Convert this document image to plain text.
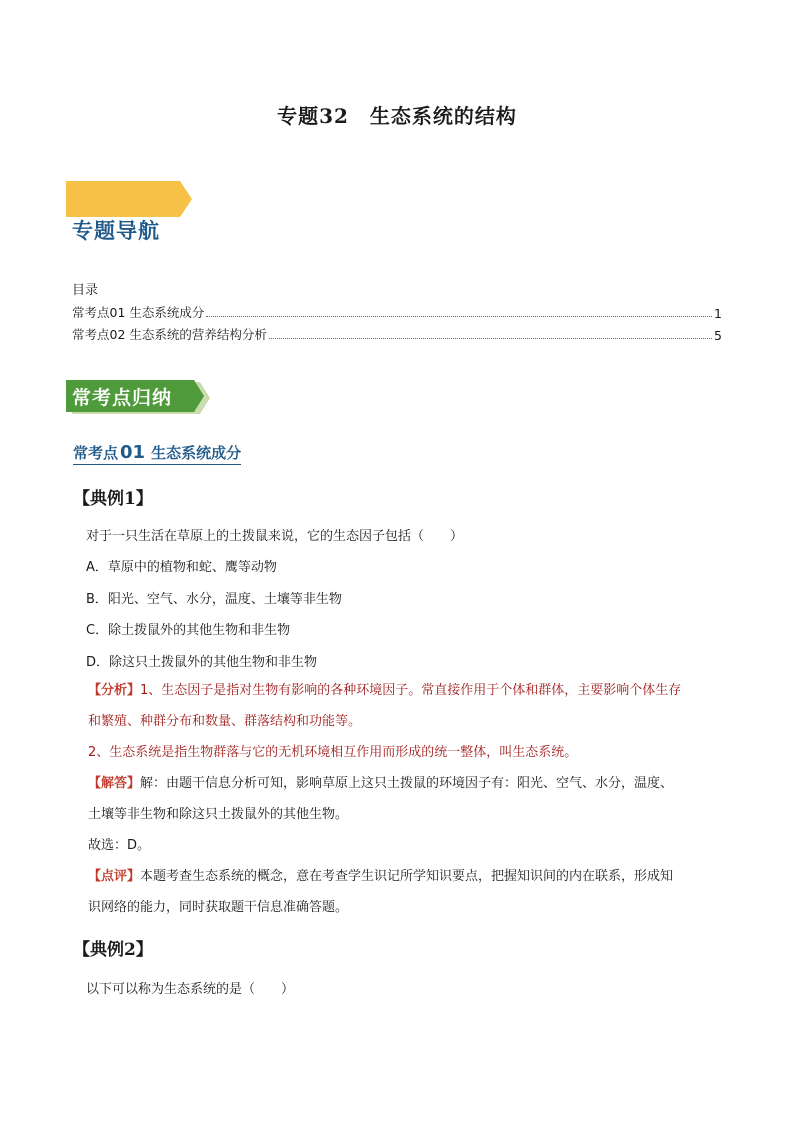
专题32　生态系统的结构
专题导航
目录
常考点01 生态系统成分	1
常考点02 生态系统的营养结构分析	5
常考点归纳
常考点 01 生态系统成分
【典例1】
对于一只生活在草原上的土拨鼠来说，它的生态因子包括（　　）
A．草原中的植物和蛇、鹰等动物
B．阳光、空气、水分，温度、土壤等非生物
C．除土拨鼠外的其他生物和非生物
D．除这只土拨鼠外的其他生物和非生物
【分析】1、生态因子是指对生物有影响的各种环境因子。常直接作用于个体和群体，主要影响个体生存
和繁殖、种群分布和数量、群落结构和功能等。
2、生态系统是指生物群落与它的无机环境相互作用而形成的统一整体，叫生态系统。
【解答】解：由题干信息分析可知，影响草原上这只土拨鼠的环境因子有：阳光、空气、水分，温度、
土壤等非生物和除这只土拨鼠外的其他生物。
故选：D。
【点评】本题考查生态系统的概念，意在考查学生识记所学知识要点，把握知识间的内在联系，形成知
识网络的能力，同时获取题干信息准确答题。
【典例2】
以下可以称为生态系统的是（　　）
